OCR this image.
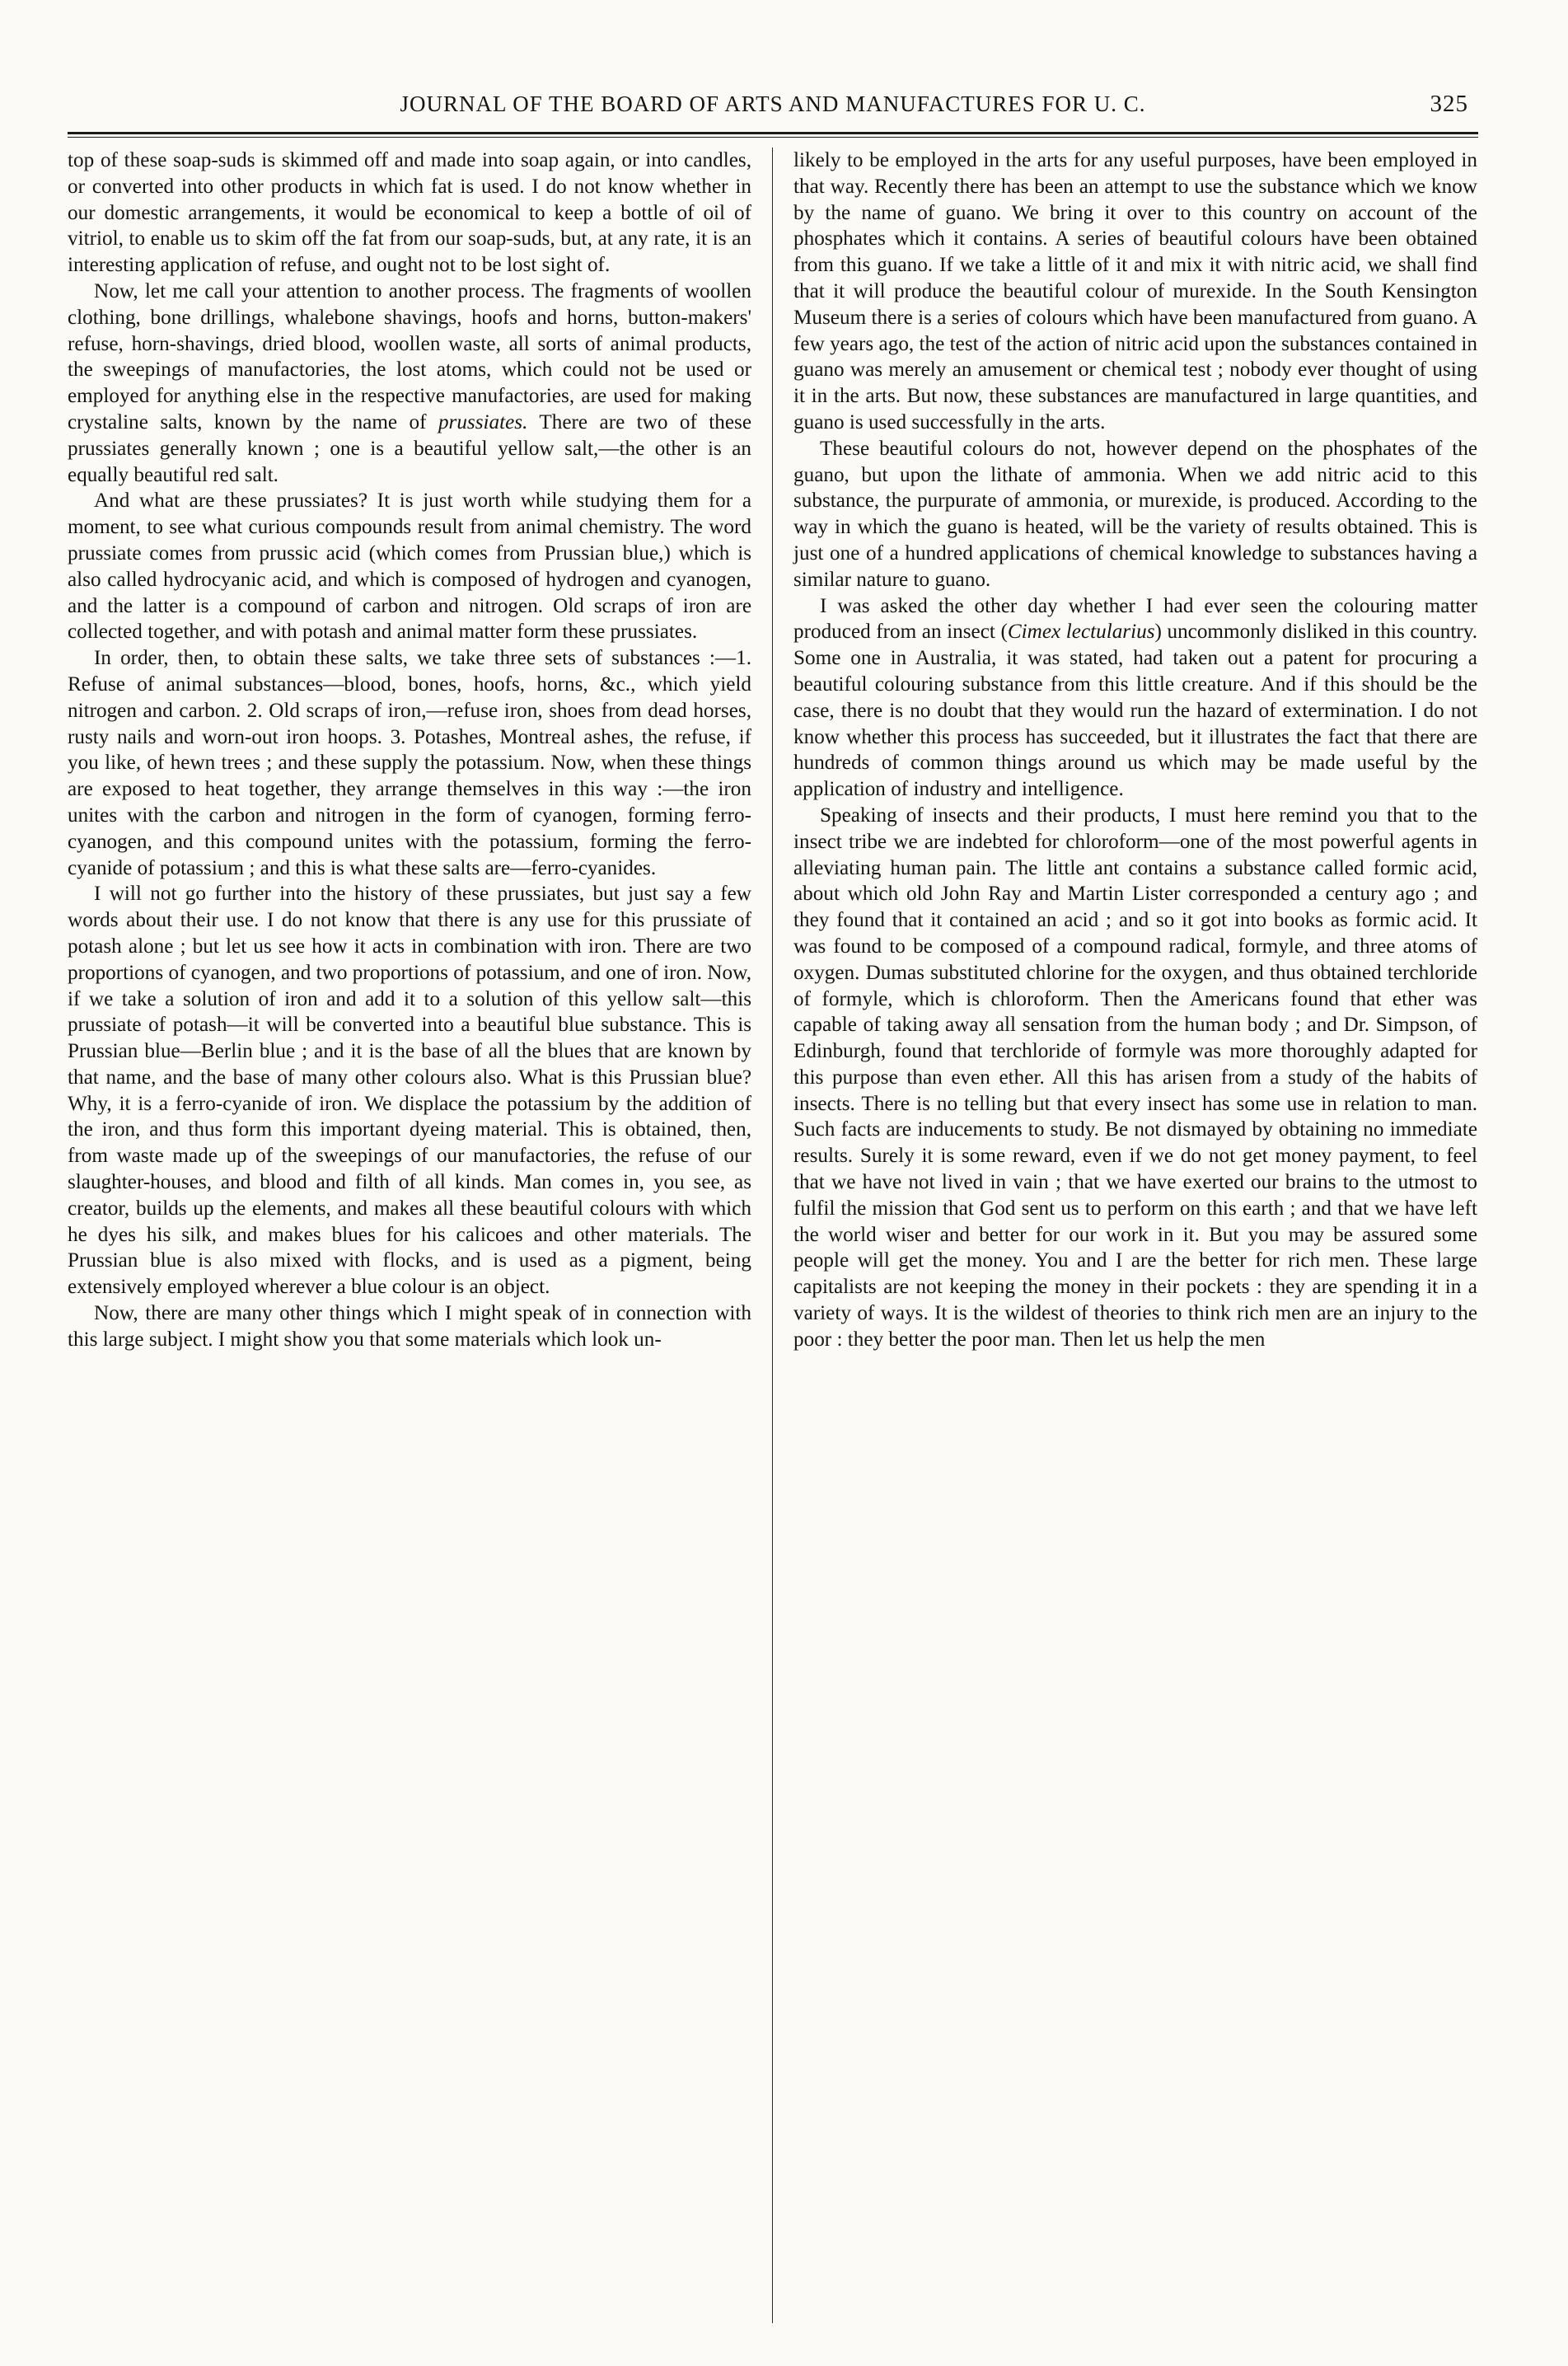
JOURNAL OF THE BOARD OF ARTS AND MANUFACTURES FOR U. C.	325

top of these soap-suds is skimmed off and made into soap again, or into candles, or converted into other products in which fat is used. I do not know whether in our domestic arrangements, it would be economical to keep a bottle of oil of vitriol, to enable us to skim off the fat from our soap-suds, but, at any rate, it is an interesting application of refuse, and ought not to be lost sight of.

Now, let me call your attention to another process. The fragments of woollen clothing, bone drillings, whalebone shavings, hoofs and horns, button-makers' refuse, horn-shavings, dried blood, woollen waste, all sorts of animal products, the sweepings of manufactories, the lost atoms, which could not be used or employed for anything else in the respective manufactories, are used for making crystaline salts, known by the name of prussiates. There are two of these prussiates generally known ; one is a beautiful yellow salt,—the other is an equally beautiful red salt.

And what are these prussiates? It is just worth while studying them for a moment, to see what curious compounds result from animal chemistry. The word prussiate comes from prussic acid (which comes from Prussian blue,) which is also called hydrocyanic acid, and which is composed of hydrogen and cyanogen, and the latter is a compound of carbon and nitrogen. Old scraps of iron are collected together, and with potash and animal matter form these prussiates.

In order, then, to obtain these salts, we take three sets of substances :—1. Refuse of animal substances—blood, bones, hoofs, horns, &c., which yield nitrogen and carbon. 2. Old scraps of iron,—refuse iron, shoes from dead horses, rusty nails and worn-out iron hoops. 3. Potashes, Montreal ashes, the refuse, if you like, of hewn trees ; and these supply the potassium. Now, when these things are exposed to heat together, they arrange themselves in this way :—the iron unites with the carbon and nitrogen in the form of cyanogen, forming ferro-cyanogen, and this compound unites with the potassium, forming the ferro-cyanide of potassium ; and this is what these salts are—ferro-cyanides.

I will not go further into the history of these prussiates, but just say a few words about their use. I do not know that there is any use for this prussiate of potash alone ; but let us see how it acts in combination with iron. There are two proportions of cyanogen, and two proportions of potassium, and one of iron. Now, if we take a solution of iron and add it to a solution of this yellow salt—this prussiate of potash—it will be converted into a beautiful blue substance. This is Prussian blue—Berlin blue ; and it is the base of all the blues that are known by that name, and the base of many other colours also. What is this Prussian blue? Why, it is a ferro-cyanide of iron. We displace the potassium by the addition of the iron, and thus form this important dyeing material. This is obtained, then, from waste made up of the sweepings of our manufactories, the refuse of our slaughter-houses, and blood and filth of all kinds. Man comes in, you see, as creator, builds up the elements, and makes all these beautiful colours with which he dyes his silk, and makes blues for his calicoes and other materials. The Prussian blue is also mixed with flocks, and is used as a pigment, being extensively employed wherever a blue colour is an object.

Now, there are many other things which I might speak of in connection with this large subject. I might show you that some materials which look un-

likely to be employed in the arts for any useful purposes, have been employed in that way. Recently there has been an attempt to use the substance which we know by the name of guano. We bring it over to this country on account of the phosphates which it contains. A series of beautiful colours have been obtained from this guano. If we take a little of it and mix it with nitric acid, we shall find that it will produce the beautiful colour of murexide. In the South Kensington Museum there is a series of colours which have been manufactured from guano. A few years ago, the test of the action of nitric acid upon the substances contained in guano was merely an amusement or chemical test ; nobody ever thought of using it in the arts. But now, these substances are manufactured in large quantities, and guano is used successfully in the arts.

These beautiful colours do not, however depend on the phosphates of the guano, but upon the lithate of ammonia. When we add nitric acid to this substance, the purpurate of ammonia, or murexide, is produced. According to the way in which the guano is heated, will be the variety of results obtained. This is just one of a hundred applications of chemical knowledge to substances having a similar nature to guano.

I was asked the other day whether I had ever seen the colouring matter produced from an insect (Cimex lectularius) uncommonly disliked in this country. Some one in Australia, it was stated, had taken out a patent for procuring a beautiful colouring substance from this little creature. And if this should be the case, there is no doubt that they would run the hazard of extermination. I do not know whether this process has succeeded, but it illustrates the fact that there are hundreds of common things around us which may be made useful by the application of industry and intelligence.

Speaking of insects and their products, I must here remind you that to the insect tribe we are indebted for chloroform—one of the most powerful agents in alleviating human pain. The little ant contains a substance called formic acid, about which old John Ray and Martin Lister corresponded a century ago ; and they found that it contained an acid ; and so it got into books as formic acid. It was found to be composed of a compound radical, formyle, and three atoms of oxygen. Dumas substituted chlorine for the oxygen, and thus obtained terchloride of formyle, which is chloroform. Then the Americans found that ether was capable of taking away all sensation from the human body ; and Dr. Simpson, of Edinburgh, found that terchloride of formyle was more thoroughly adapted for this purpose than even ether. All this has arisen from a study of the habits of insects. There is no telling but that every insect has some use in relation to man. Such facts are inducements to study. Be not dismayed by obtaining no immediate results. Surely it is some reward, even if we do not get money payment, to feel that we have not lived in vain ; that we have exerted our brains to the utmost to fulfil the mission that God sent us to perform on this earth ; and that we have left the world wiser and better for our work in it. But you may be assured some people will get the money. You and I are the better for rich men. These large capitalists are not keeping the money in their pockets : they are spending it in a variety of ways. It is the wildest of theories to think rich men are an injury to the poor : they better the poor man. Then let us help the men
